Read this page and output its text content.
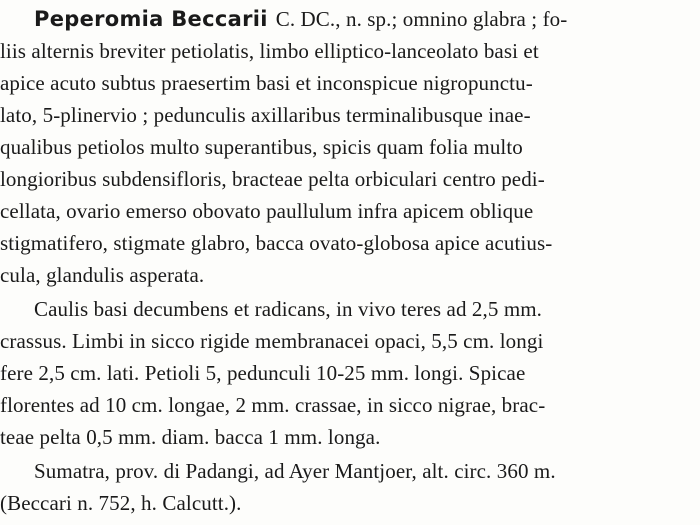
Peperomia Beccarii C. DC., n. sp.; omnino glabra ; fo-
liis alternis breviter petiolatis, limbo elliptico-lanceolato basi et
apice acuto subtus praesertim basi et inconspicue nigropunctu-
lato, 5-plinervio ; pedunculis axillaribus terminalibusque inae-
qualibus petiolos multo superantibus, spicis quam folia multo
longioribus subdensifloris, bracteae pelta orbiculari centro pedi-
cellata, ovario emerso obovato paullulum infra apicem oblique
stigmatifero, stigmate glabro, bacca ovato-globosa apice acutius-
cula, glandulis asperata.
Caulis basi decumbens et radicans, in vivo teres ad 2,5 mm.
crassus. Limbi in sicco rigide membranacei opaci, 5,5 cm. longi
fere 2,5 cm. lati. Petioli 5, pedunculi 10-25 mm. longi. Spicae
florentes ad 10 cm. longae, 2 mm. crassae, in sicco nigrae, brac-
teae pelta 0,5 mm. diam. bacca 1 mm. longa.
Sumatra, prov. di Padangi, ad Ayer Mantjoer, alt. circ. 360 m.
(Beccari n. 752, h. Calcutt.).
